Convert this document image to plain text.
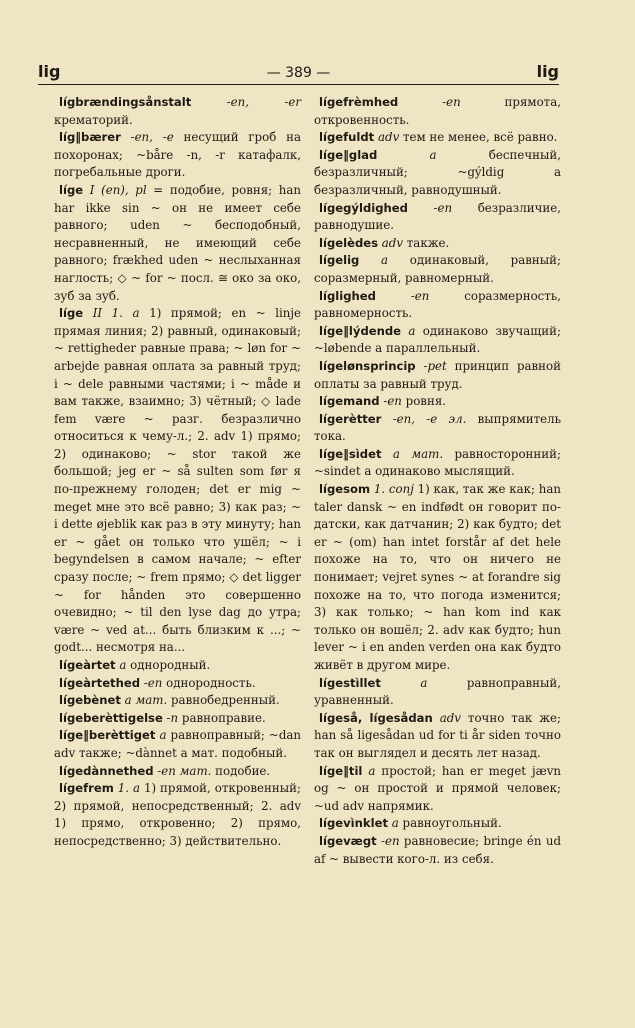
lig	— 389 —	lig

lígbrændingsånstalt -en, -er крематорий.

líg‖bærer -en, -e несущий гроб на похоронах; ~båre -n, -r катафалк, погребальные дроги.

líge I (en), pl = подобие, ровня; han har ikke sin ~ он не имеет себе равного; uden ~ бесподобный, несравненный, не имеющий себе равного; frækhed uden ~ неслыханная наглость; ◇ ~ for ~ посл. ≅ око за око, зуб за зуб.

líge II 1. a 1) прямой; en ~ linje прямая линия; 2) равный, одинаковый; ~ rettigheder равные права; ~ løn for ~ arbejde равная оплата за равный труд; i ~ dele равными частями; i ~ måde и вам также, взаимно; 3) чётный; ◇ lade fem være ~ разг. безразлично относиться к чему-л.; 2. adv 1) прямо; 2) одинаково; ~ stor такой же большой; jeg er ~ så sulten som før я по-прежнему голоден; det er mig ~ meget мне это всё равно; 3) как раз; ~ i dette øjeblik как раз в эту минуту; han er ~ gået он только что ушёл; ~ i begyndelsen в самом начале; ~ efter сразу после; ~ frem прямо; ◇ det ligger ~ for hånden это совершенно очевидно; ~ til den lyse dag до утра; være ~ ved at... быть близким к ...; ~ godt... несмотря на...

lígeàrtet a однородный.

lígeàrtethed -en однородность.

lígebènet a мат. равнобедренный.

lígeberèttigelse -n равноправие.

líge‖berèttiget a равноправный; ~dan adv также; ~dànnet a мат. подобный.

lígedànnethed -en мат. подобие.

lígefrem 1. a 1) прямой, откровенный; 2) прямой, непосредственный; 2. adv 1) прямо, откровенно; 2) прямо, непосредственно; 3) действительно.

lígefrèmhed -en прямота, откровенность.

lígefuldt adv тем не менее, всё равно.

líge‖glad a беспечный, безразличный; ~gýldig a безразличный, равнодушный.

lígegýldighed -en безразличие, равнодушие.

lígelèdes adv также.

lígelig a одинаковый, равный; соразмерный, равномерный.

líglighed -en соразмерность, равномерность.

líge‖lýdende a одинаково звучащий; ~løbende a параллельный.

lígelønsprincip -pet принцип равной оплаты за равный труд.

lígemand -en ровня.

lígerètter -en, -e эл. выпрямитель тока.

líge‖sìdet a мат. равносторонний; ~sindet a одинаково мыслящий.

lígesom 1. conj 1) как, так же как; han taler dansk ~ en indfødt он говорит по-датски, как датчанин; 2) как будто; det er ~ (om) han intet forstår af det hele похоже на то, что он ничего не понимает; vejret synes ~ at forandre sig похоже на то, что погода изменится; 3) как только; ~ han kom ind как только он вошёл; 2. adv как будто; hun lever ~ i en anden verden она как будто живёт в другом мире.

lígestìllet a равноправный, уравненный.

lígeså, lígesådan adv точно так же; han så ligesådan ud for ti år siden точно так он выглядел и десять лет назад.

líge‖til a простой; han er meget jævn og ~ он простой и прямой человек; ~ud adv напрямик.

lígevìnklet a равноугольный.

lígevægt -en равновесие; bringe én ud af ~ вывести кого-л. из себя.
